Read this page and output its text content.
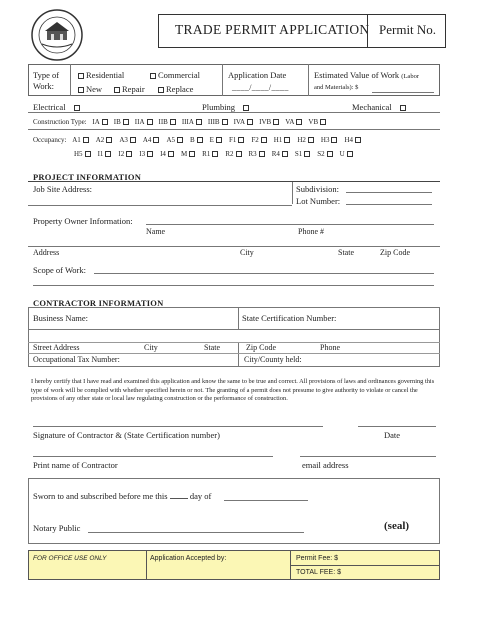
TRADE PERMIT APPLICATION Permit No.
Type of
Work:
Residential	Commercial
New	Repair	Replace
Application Date
____/____/____
Estimated Value of Work (Labor
and Materials): $
Electrical	Plumbing	Mechanical
Construction Type: IA IB IIA IIB IIIA IIIB IVA IVB VA VB
Occupancy: A1 A2 A3 A4 A5 B E F1 F2 H1 H2 H3 H4
H5 I1 I2 I3 I4 M R1 R2 R3 R4 S1 S2 U
PROJECT INFORMATION
Job Site Address:	Subdivision:
Lot Number:
Property Owner Information:
Name	Phone #
Address	City	State	Zip Code
Scope of Work:
CONTRACTOR INFORMATION
Business Name:	State Certification Number:
Street Address	City	State	Zip Code	Phone
Occupational Tax Number:	City/County held:
I hereby certify that I have read and examined this application and know the same to be true and correct. All provisions of laws and ordinances governing this type of work will be complied with whether specified herein or not. The granting of a permit does not presume to give authority to violate or cancel the provisions of any other state or local law regulating construction or the performance of construction.
Signature of Contractor & (State Certification number)	Date
Print name of Contractor	email address
Sworn to and subscribed before me this	day of
Notary Public	(seal)
FOR OFFICE USE ONLY	Application Accepted by:	Permit Fee: $
TOTAL FEE: $
